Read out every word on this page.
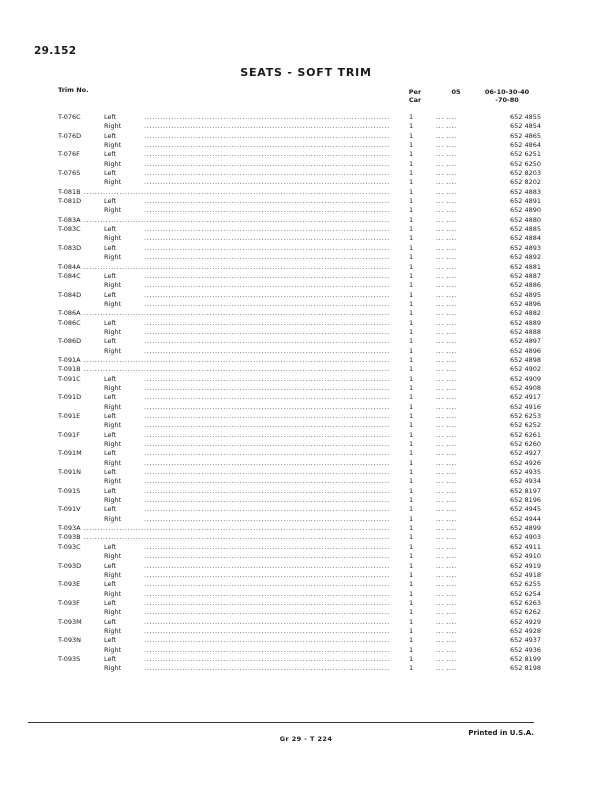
29.152
SEATS - SOFT TRIM
Trim No.	Per
Car
05	06-10-30-40
-70-80
T-076C	Left . . .	1	... ....	652 4855
Right . . .	1	... ....	652 4854
T-076D	Left . . .	1	... ....	652 4865
Right . . .	1	... ....	652 4864
T-076F	Left . . .	1	... ....	652 6251
Right . . .	1	... ....	652 6250
T-076S	Left . . .	1	... ....	652 8203
Right . . .	1	... ....	652 8202
T-081B . . .	1	... ....	652 4883
T-081D	Left . . .	1	... ....	652 4891
Right . . .	1	... ....	652 4890
T-083A . . .	1	... ....	652 4880
T-083C	Left . . .	1	... ....	652 4885
Right . . .	1	... ....	652 4884
T-083D	Left . . .	1	... ....	652 4893
Right . . .	1	... ....	652 4892
T-084A . . .	1	... ....	652 4881
T-084C	Left . . .	1	... ....	652 4887
Right . . .	1	... ....	652 4886
T-084D	Left . . .	1	... ....	652 4895
Right . . .	1	... ....	652 4896
T-086A . . .	1	... ....	652 4882
T-086C	Left . . .	1	... ....	652 4889
Right . . .	1	... ....	652 4888
T-086D	Left . . .	1	... ....	652 4897
Right . . .	1	... ....	652 4896
T-091A . . .	1	... ....	652 4898
T-091B . . .	1	... ....	652 4902
T-091C	Left . . .	1	... ....	652 4909
Right . . .	1	... ....	652 4908
T-091D	Left . . .	1	... ....	652 4917
Right . . .	1	... ....	652 4916
T-091E	Left . . .	1	... ....	652 6253
Right . . .	1	... ....	652 6252
T-091F	Left . . .	1	... ....	652 6261
Right . . .	1	... ....	652 6260
T-091M	Left . . .	1	... ....	652 4927
Right . . .	1	... ....	652 4926
T-091N	Left . . .	1	... ....	652 4935
Right . . .	1	... ....	652 4934
T-091S	Left . . .	1	... ....	652 8197
Right . . .	1	... ....	652 8196
T-091V	Left . . .	1	... ....	652 4945
Right . . .	1	... ....	652 4944
T-093A . . .	1	... ....	652 4899
T-093B . . .	1	... ....	652 4903
T-093C	Left . . .	1	... ....	652 4911
Right . . .	1	... ....	652 4910
T-093D	Left . . .	1	... ....	652 4919
Right . . .	1	... ....	652 4918
T-093E	Left . . .	1	... ....	652 6255
Right . . .	1	... ....	652 6254
T-093F	Left . . .	1	... ....	652 6263
Right . . .	1	... ....	652 6262
T-093M	Left . . .	1	... ....	652 4929
Right . . .	1	... ....	652 4928
T-093N	Left . . .	1	... ....	652 4937
Right . . .	1	... ....	652 4936
T-093S	Left . . .	1	... ....	652 8199
Right . . .	1	... ....	652 8198
Printed in U.S.A.
Gr 29 - T 224
